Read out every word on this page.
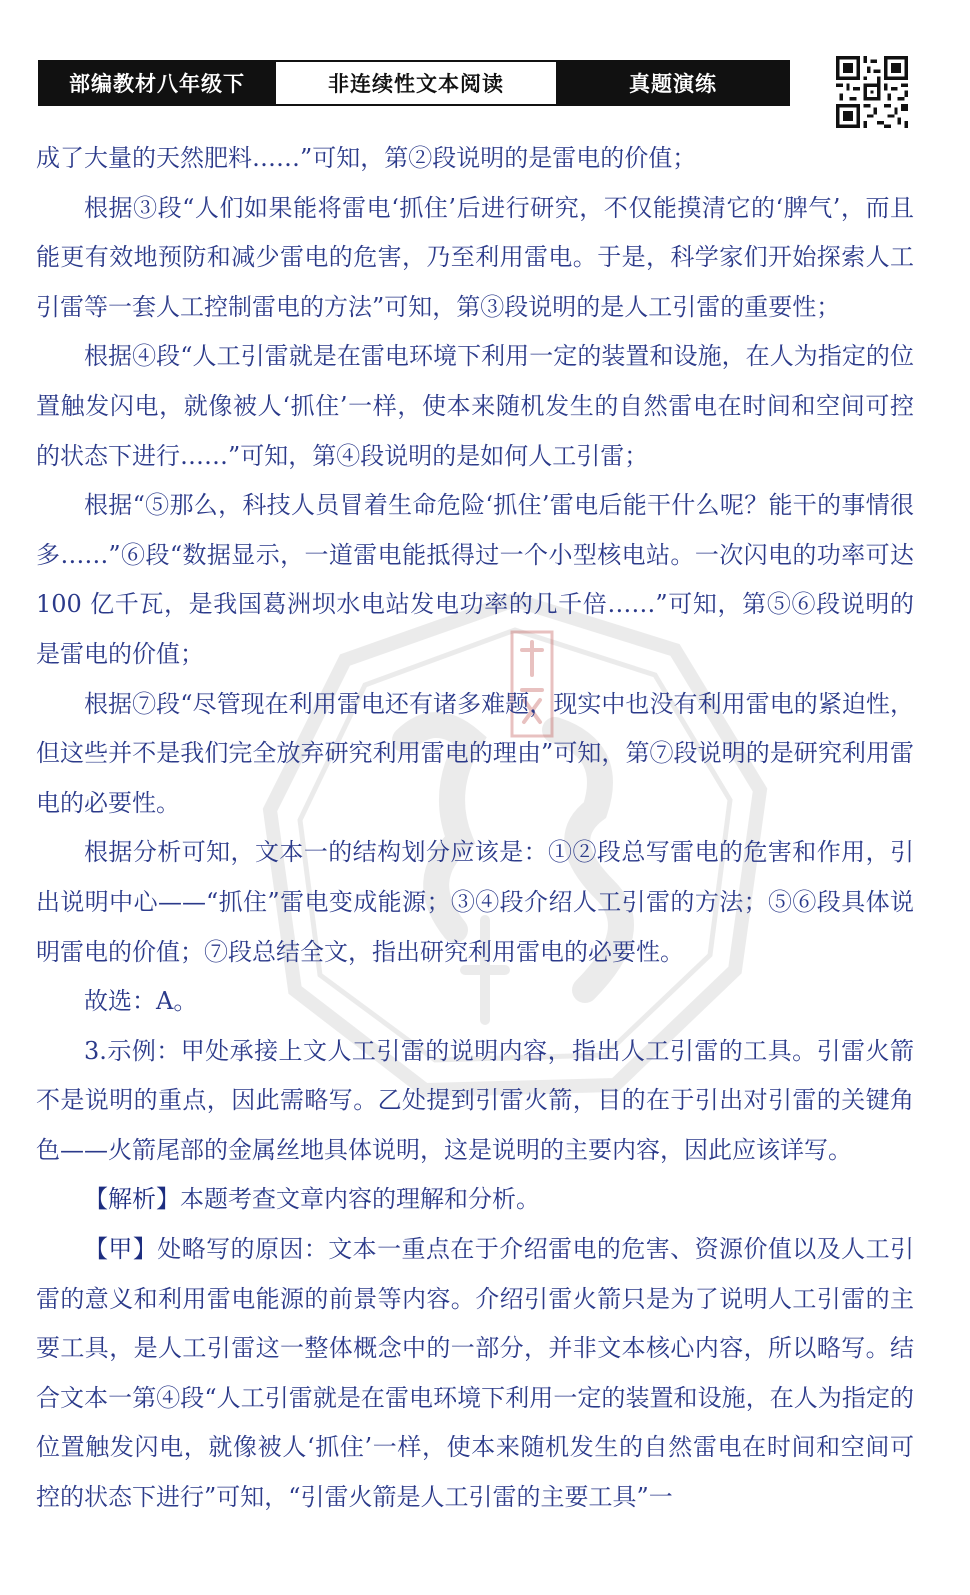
部编教材八年级下	非连续性文本阅读	真题演练

成了大量的天然肥料……”可知，第②段说明的是雷电的价值；

根据③段“人们如果能将雷电‘抓住’后进行研究，不仅能摸清它的‘脾气’，而且能更有效地预防和减少雷电的危害，乃至利用雷电。于是，科学家们开始探索人工引雷等一套人工控制雷电的方法”可知，第③段说明的是人工引雷的重要性；

根据④段“人工引雷就是在雷电环境下利用一定的装置和设施，在人为指定的位置触发闪电，就像被人‘抓住’一样，使本来随机发生的自然雷电在时间和空间可控的状态下进行……”可知，第④段说明的是如何人工引雷；

根据“⑤那么，科技人员冒着生命危险‘抓住’雷电后能干什么呢？能干的事情很多……”⑥段“数据显示，一道雷电能抵得过一个小型核电站。一次闪电的功率可达 100 亿千瓦，是我国葛洲坝水电站发电功率的几千倍……”可知，第⑤⑥段说明的是雷电的价值；

根据⑦段“尽管现在利用雷电还有诸多难题，现实中也没有利用雷电的紧迫性，但这些并不是我们完全放弃研究利用雷电的理由”可知，第⑦段说明的是研究利用雷电的必要性。

根据分析可知，文本一的结构划分应该是：①②段总写雷电的危害和作用，引出说明中心——“抓住”雷电变成能源；③④段介绍人工引雷的方法；⑤⑥段具体说明雷电的价值；⑦段总结全文，指出研究利用雷电的必要性。

故选：A。

3.示例：甲处承接上文人工引雷的说明内容，指出人工引雷的工具。引雷火箭不是说明的重点，因此需略写。乙处提到引雷火箭，目的在于引出对引雷的关键角色——火箭尾部的金属丝地具体说明，这是说明的主要内容，因此应该详写。

【解析】本题考查文章内容的理解和分析。

【甲】处略写的原因：文本一重点在于介绍雷电的危害、资源价值以及人工引雷的意义和利用雷电能源的前景等内容。介绍引雷火箭只是为了说明人工引雷的主要工具，是人工引雷这一整体概念中的一部分，并非文本核心内容，所以略写。结合文本一第④段“人工引雷就是在雷电环境下利用一定的装置和设施，在人为指定的位置触发闪电，就像被人‘抓住’一样，使本来随机发生的自然雷电在时间和空间可控的状态下进行”可知，“引雷火箭是人工引雷的主要工具”一
